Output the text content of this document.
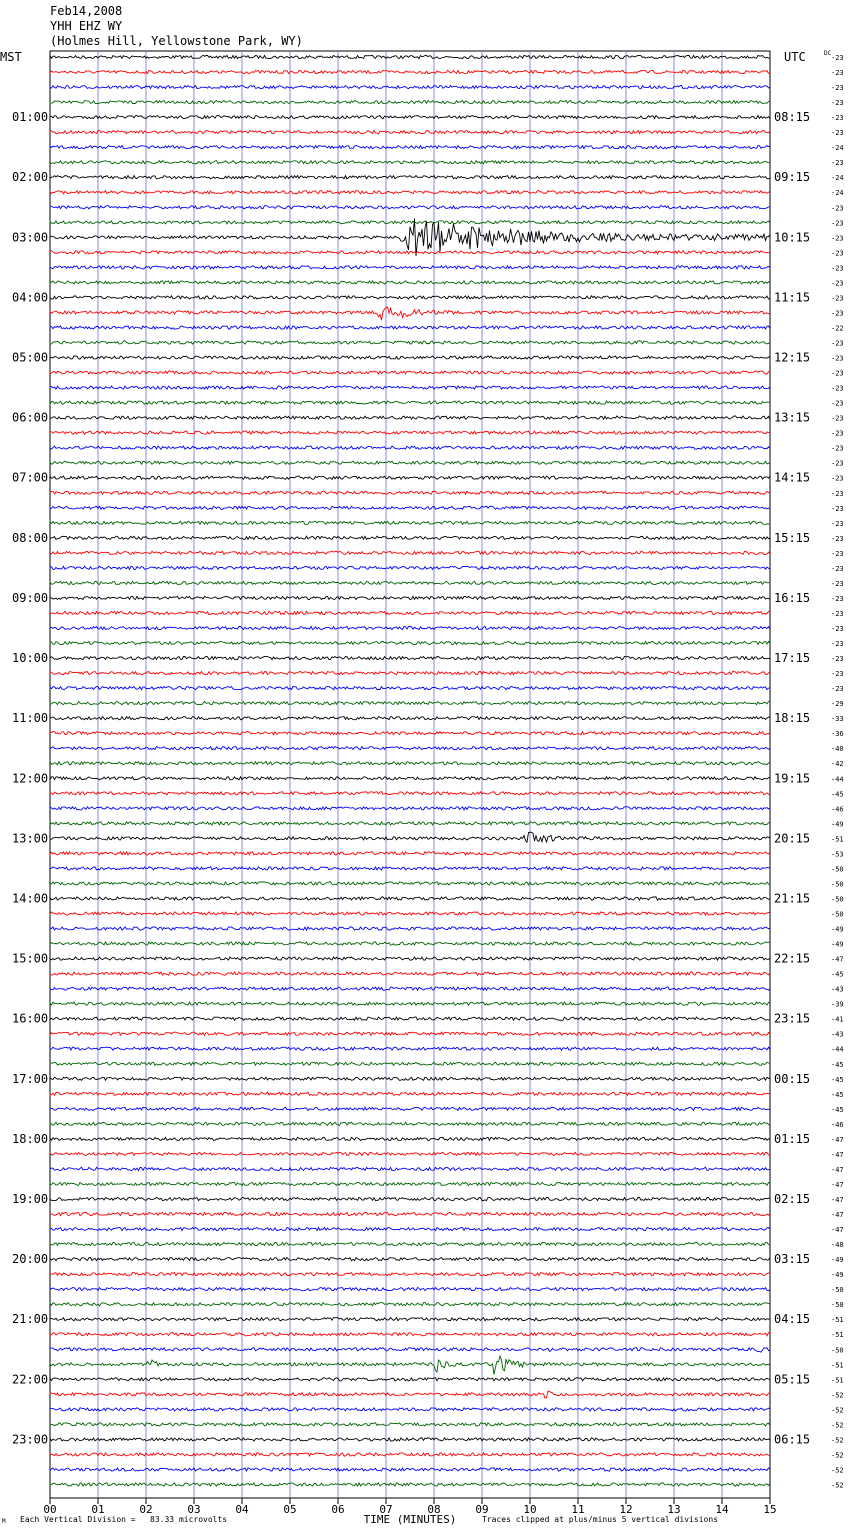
Feb14,2008
YHH EHZ WY
(Holmes Hill, Yellowstone Park, WY)
MST	UTC	DC
01:00
02:00
03:00
04:00
05:00
06:00
07:00
08:00
09:00
10:00
11:00
12:00
13:00
14:00
15:00
16:00
17:00
18:00
19:00
20:00
21:00
22:00
23:00
08:15
09:15
10:15
11:15
12:15
13:15
14:15
15:15
16:15
17:15
18:15
19:15
20:15
21:15
22:15
23:15
00:15
01:15
02:15
03:15
04:15
05:15
06:15
-23
-23
-23
-23
-23
-23
-24
-23
-24
-24
-23
-23
-23
-23
-23
-23
-23
-23
-22
-23
-23
-23
-23
-23
-23
-23
-23
-23
-23
-23
-23
-23
-23
-23
-23
-23
-23
-23
-23
-23
-23
-23
-23
-29
-33
-36
-40
-42
-44
-45
-46
-49
-51
-53
-50
-50
-50
-50
-49
-49
-47
-45
-43
-39
-41
-43
-44
-45
-45
-45
-45
-46
-47
-47
-47
-47
-47
-47
-47
-48
-49
-49
-50
-50
-51
-51
-50
-51
-51
-52
-52
-52
-52
-52
-52
-52
00	01	02	03	04	05	06	07	08	09	10	11	12	13	14	15
TIME (MINUTES)
Each Vertical Division =   83.33 microvolts	Traces clipped at plus/minus 5 vertical divisions
M
